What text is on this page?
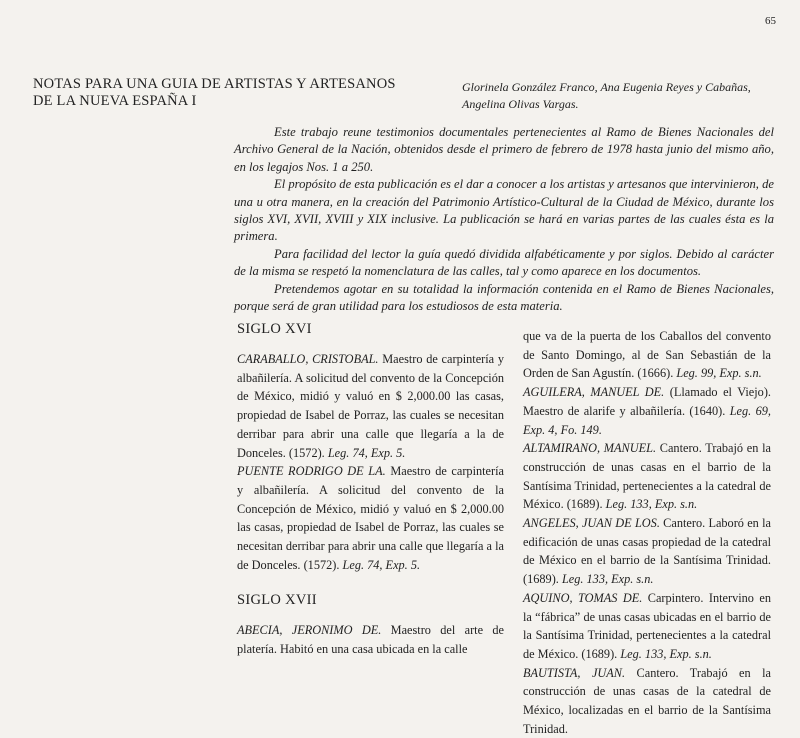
65
NOTAS PARA UNA GUIA DE ARTISTAS Y ARTESANOS
DE LA NUEVA ESPAÑA I
Glorinela González Franco, Ana Eugenia Reyes y Cabañas,
Angelina Olivas Vargas.

Este trabajo reune testimonios documentales pertenecientes al Ramo de Bienes Nacionales del Archivo General de la Nación, obtenidos desde el primero de febrero de 1978 hasta junio del mismo año, en los legajos Nos. 1 a 250.

El propósito de esta publicación es el dar a conocer a los artistas y artesanos que intervinieron, de una u otra manera, en la creación del Patrimonio Artístico-Cultural de la Ciudad de México, durante los siglos XVI, XVII, XVIII y XIX inclusive. La publicación se hará en varias partes de las cuales ésta es la primera.

Para facilidad del lector la guía quedó dividida alfabéticamente y por siglos. Debido al carácter de la misma se respetó la nomenclatura de las calles, tal y como aparece en los documentos.

Pretendemos agotar en su totalidad la información contenida en el Ramo de Bienes Nacionales, porque será de gran utilidad para los estudiosos de esta materia.

SIGLO XVI

CARABALLO, CRISTOBAL. Maestro de carpintería y albañilería. A solicitud del convento de la Concepción de México, midió y valuó en $ 2,000.00 las casas, propiedad de Isabel de Porraz, las cuales se necesitan derribar para abrir una calle que llegaría a la de Donceles. (1572). Leg. 74, Exp. 5.

PUENTE RODRIGO DE LA. Maestro de carpintería y albañilería. A solicitud del convento de la Concepción de México, midió y valuó en $ 2,000.00 las casas, propiedad de Isabel de Porraz, las cuales se necesitan derribar para abrir una calle que llegaría a la de Donceles. (1572). Leg. 74, Exp. 5.

SIGLO XVII

ABECIA, JERONIMO DE. Maestro del arte de platería. Habitó en una casa ubicada en la calle

que va de la puerta de los Caballos del convento de Santo Domingo, al de San Sebastián de la Orden de San Agustín. (1666). Leg. 99, Exp. s.n.

AGUILERA, MANUEL DE. (Llamado el Viejo). Maestro de alarife y albañilería. (1640). Leg. 69, Exp. 4, Fo. 149.

ALTAMIRANO, MANUEL. Cantero. Trabajó en la construcción de unas casas en el barrio de la Santísima Trinidad, pertenecientes a la catedral de México. (1689). Leg. 133, Exp. s.n.

ANGELES, JUAN DE LOS. Cantero. Laboró en la edificación de unas casas propiedad de la catedral de México en el barrio de la Santísima Trinidad. (1689). Leg. 133, Exp. s.n.

AQUINO, TOMAS DE. Carpintero. Intervino en la “fábrica” de unas casas ubicadas en el barrio de la Santísima Trinidad, pertenecientes a la catedral de México. (1689). Leg. 133, Exp. s.n.

BAUTISTA, JUAN. Cantero. Trabajó en la construcción de unas casas de la catedral de México, localizadas en el barrio de la Santísima Trinidad.
